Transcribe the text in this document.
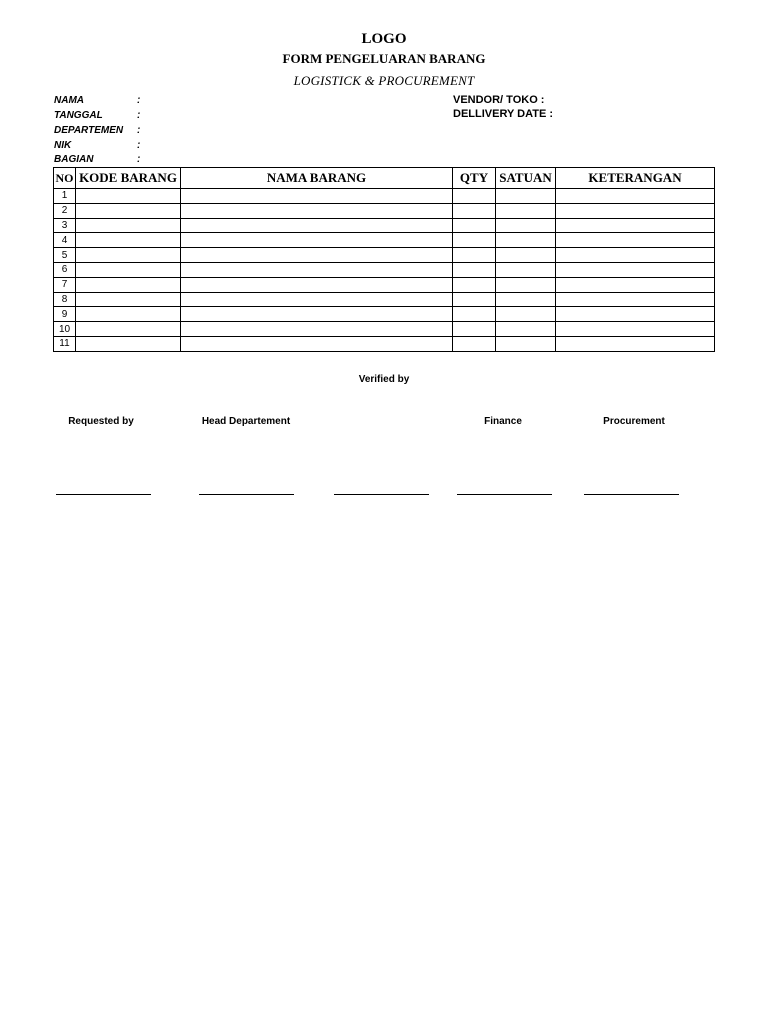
LOGO
FORM PENGELUARAN BARANG
LOGISTICK & PROCUREMENT
NAMA	:
TANGGAL	:
DEPARTEMEN :
NIK	:
BAGIAN	:
VENDOR/ TOKO :
DELLIVERY DATE :
NO	KODE BARANG	NAMA BARANG	QTY	SATUAN	KETERANGAN
1					
2					
3					
4					
5					
6					
7					
8					
9					
10					
11					
Verified by
Requested by	Head Departement	Finance	Procurement
